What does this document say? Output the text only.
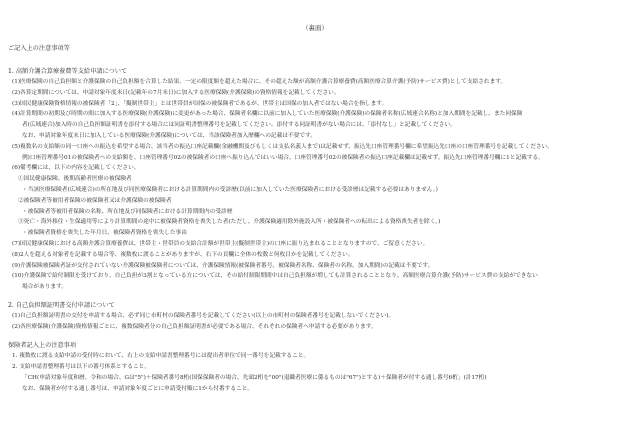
（裏面）
ご記入上の注意事項等
1. 高額介護合算療養費等支給申請について
(1)医療保険の自己負担額と介護保険の自己負担額を合算した結果、一定の限度額を超えた場合に、その超えた額が高額介護合算療養費(高額医療合算介護(予防)サービス費)として支給されます。
(2)各算定期間については、申請対象年度末日(記載年の7月末日)に加入する医療保険(介護保険)の資格情報を記載してください。
(3)国民健康保険資格情報の被保険者「2」、「擬制世帯主」とは世帯員が国保の被保険者であるが、世帯主は国保の加入者ではない場合を指します。
(4)計算期間の初期及び時期の間に加入する医療保険(介護保険)に変更があった場合、保険者名欄に以前に加入していた医療保険(介護保険)の保険者名称(広域連合名称)と加入期間を記載し、また同保険
者(広域連合)加入時の自己負担額証明書を添付する場合には同証明書整理番号を記載してください。添付する同証明書がない場合には、「添付なし」と記載してください。
なお、申請対象年度末日に加入している医療保険(介護保険)については、当該保険者加入歴欄への記載は不要です。
(5)複数名の支給額の同一口座への振込を希望する場合、該当者の振込口座記載欄(金融機関及びもしくは支払名義人まで)は記載せず、振込先口座管理番号欄に希望振込先口座の口座管理番号を記載してください。
例)口座管理番号01の被保険者への支給額を、口座管理番号02の被保険者の口座へ振り込んではいい場合、口座管理番号02の被保険者の振込口座記載欄は記載せず、振込先口座管理番号欄に1と記載する。
(6)備考欄には、以下の内容を記載してください。
①国民健康保険、後期高齢者医療の被保険者
・当該医療保険者(広域連合)の所在地及び同医療保険者における計算期間内の受診歴(以前に加入していた医療保険者における受診歴は記載する必要はありません。)
②被保険者等被用者保険の被保険者又は介護保険の被保険者
・被保険者等被用者保険の名称、所在地及び同保険者における計算期間内の受診歴
③死亡・海外移住・生保適用等により計算期間の途中に被保険者資格を喪失した者(ただし、介護保険適用除外施設入所・被保険者への転出による資格喪失者を除く。)
・被保険者資格を喪失した年月日、被保険者資格を喪失した事由
(7)国民健康保険における高額介護合算療養費は、世帯主・世帯員の支給合計額が世帯主(擬制世帯主)の口座に振り込まれることとなりますので、ご留意ください。
(8)2人を超える対象者を記載する場合等、複数枚に渡ることがありますが、右下の頁欄に全体の枚数と何枚目かを記載してください。
(9)介護保険被保険者証が交付されていない介護保険被保険者については、介護保険情報(被保険者番号、被保険者名称、保険者の名称、加入期間)の記載は不要です。
(10)介護保険で給付制限を受けており、自己負担が3割となっている方については、その給付制限期間中は自己負担額が増しても計算されることとなり、高額医療合算介護(予防)サービス費の支給ができない
場合があります。
2. 自己負担額証明書交付申請について
(1)自己負担額証明書の交付を申請する場合、必ず同じ市町村の保険者番号を記載してください(以上の市町村の保険者番号を記載しないでください)。
(2)各医療保険(介護保険)資格情報ごとに、複数保険者分の自己負担額証明書が必要である場合、それぞれの保険者へ申請する必要があります。
保険者記入上の注意事項
1. 複数枚に渡る支給申請の受付時において、右上の支給申請書整理番号には提出者単位で同一番号を記載すること。
2. 支給申請書整理番号は以下の番号体系とすること。
「CH(申請対象年度和暦、令和の場合、Gは"5")＋保険者番号8桁(国保保険者の場合、先頭2桁を"00"(退職者医療に係るものは"67")とする)＋保険者が付する通し番号6桁」(計17桁)
なお、保険者が付する通し番号は、申請対象年度ごとに申請受付順に1から付番すること。
